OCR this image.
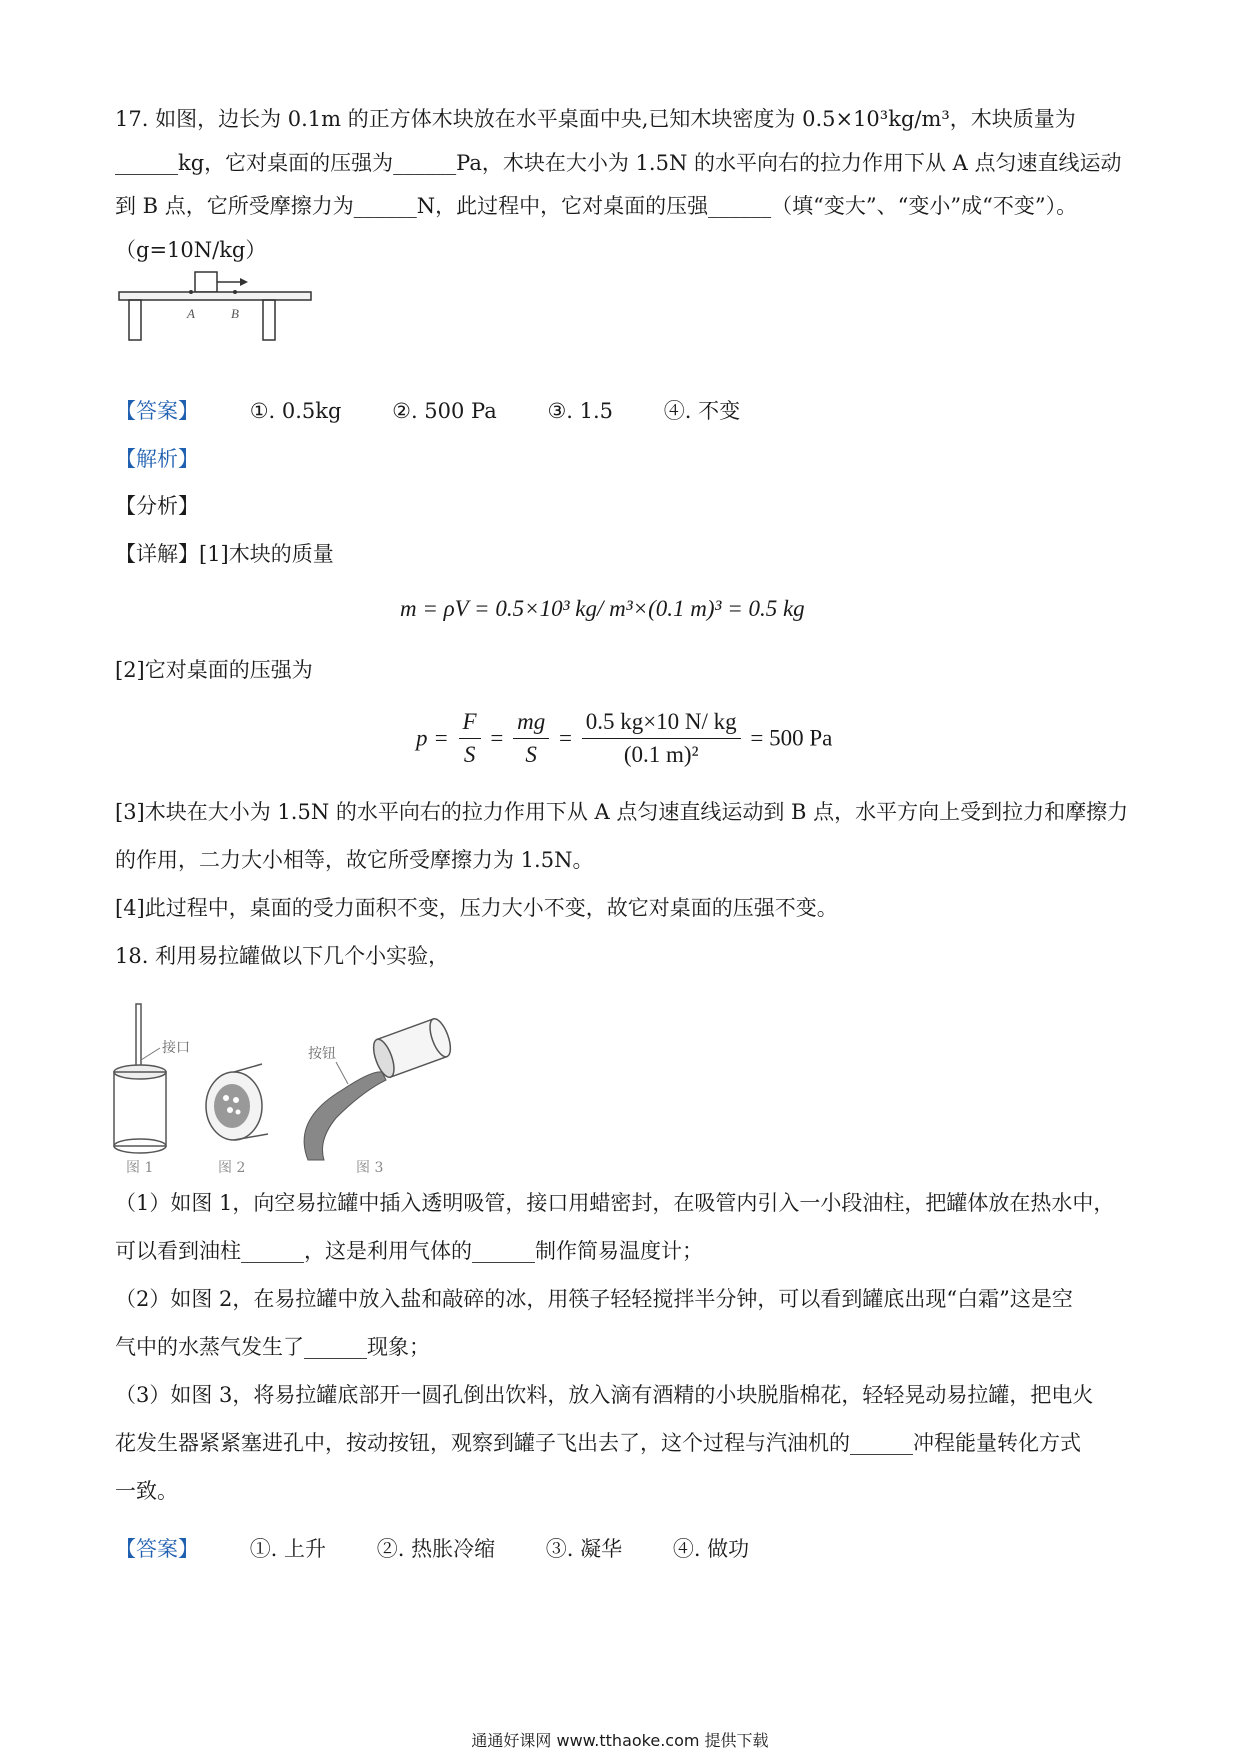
17. 如图，边长为 0.1m 的正方体木块放在水平桌面中央,已知木块密度为 0.5×10³kg/m³，木块质量为
______kg，它对桌面的压强为______Pa，木块在大小为 1.5N 的水平向右的拉力作用下从 A 点匀速直线运动
到 B 点，它所受摩擦力为______N，此过程中，它对桌面的压强______（填“变大”、“变小”成“不变”）。
（g=10N/kg）
A	B
【答案】 ①. 0.5kg ②. 500 Pa ③. 1.5 ④. 不变
【解析】
【分析】
【详解】[1]木块的质量
m = ρV = 0.5×10³ kg/ m³×(0.1 m)³ = 0.5 kg
[2]它对桌面的压强为
$p = \frac{F}{S} = \frac{mg}{S} = \frac{0.5 kg\times 10 N/ kg}{\text{(0.1 m)²}} = 500$ Pa
[3]木块在大小为 1.5N 的水平向右的拉力作用下从 A 点匀速直线运动到 B 点，水平方向上受到拉力和摩擦力
的作用，二力大小相等，故它所受摩擦力为 1.5N。
[4]此过程中，桌面的受力面积不变，压力大小不变，故它对桌面的压强不变。
18. 利用易拉罐做以下几个小实验，
接口
图 1	图 2
按钮
图 3
（1）如图 1，向空易拉罐中插入透明吸管，接口用蜡密封，在吸管内引入一小段油柱，把罐体放在热水中，
可以看到油柱______，这是利用气体的______制作简易温度计；
（2）如图 2，在易拉罐中放入盐和敲碎的冰，用筷子轻轻搅拌半分钟，可以看到罐底出现“白霜”这是空
气中的水蒸气发生了______现象；
（3）如图 3，将易拉罐底部开一圆孔倒出饮料，放入滴有酒精的小块脱脂棉花，轻轻晃动易拉罐，把电火
花发生器紧紧塞进孔中，按动按钮，观察到罐子飞出去了，这个过程与汽油机的______冲程能量转化方式
一致。
【答案】 ①. 上升 ②. 热胀冷缩 ③. 凝华 ④. 做功
通通好课网 www.tthaoke.com 提供下载
